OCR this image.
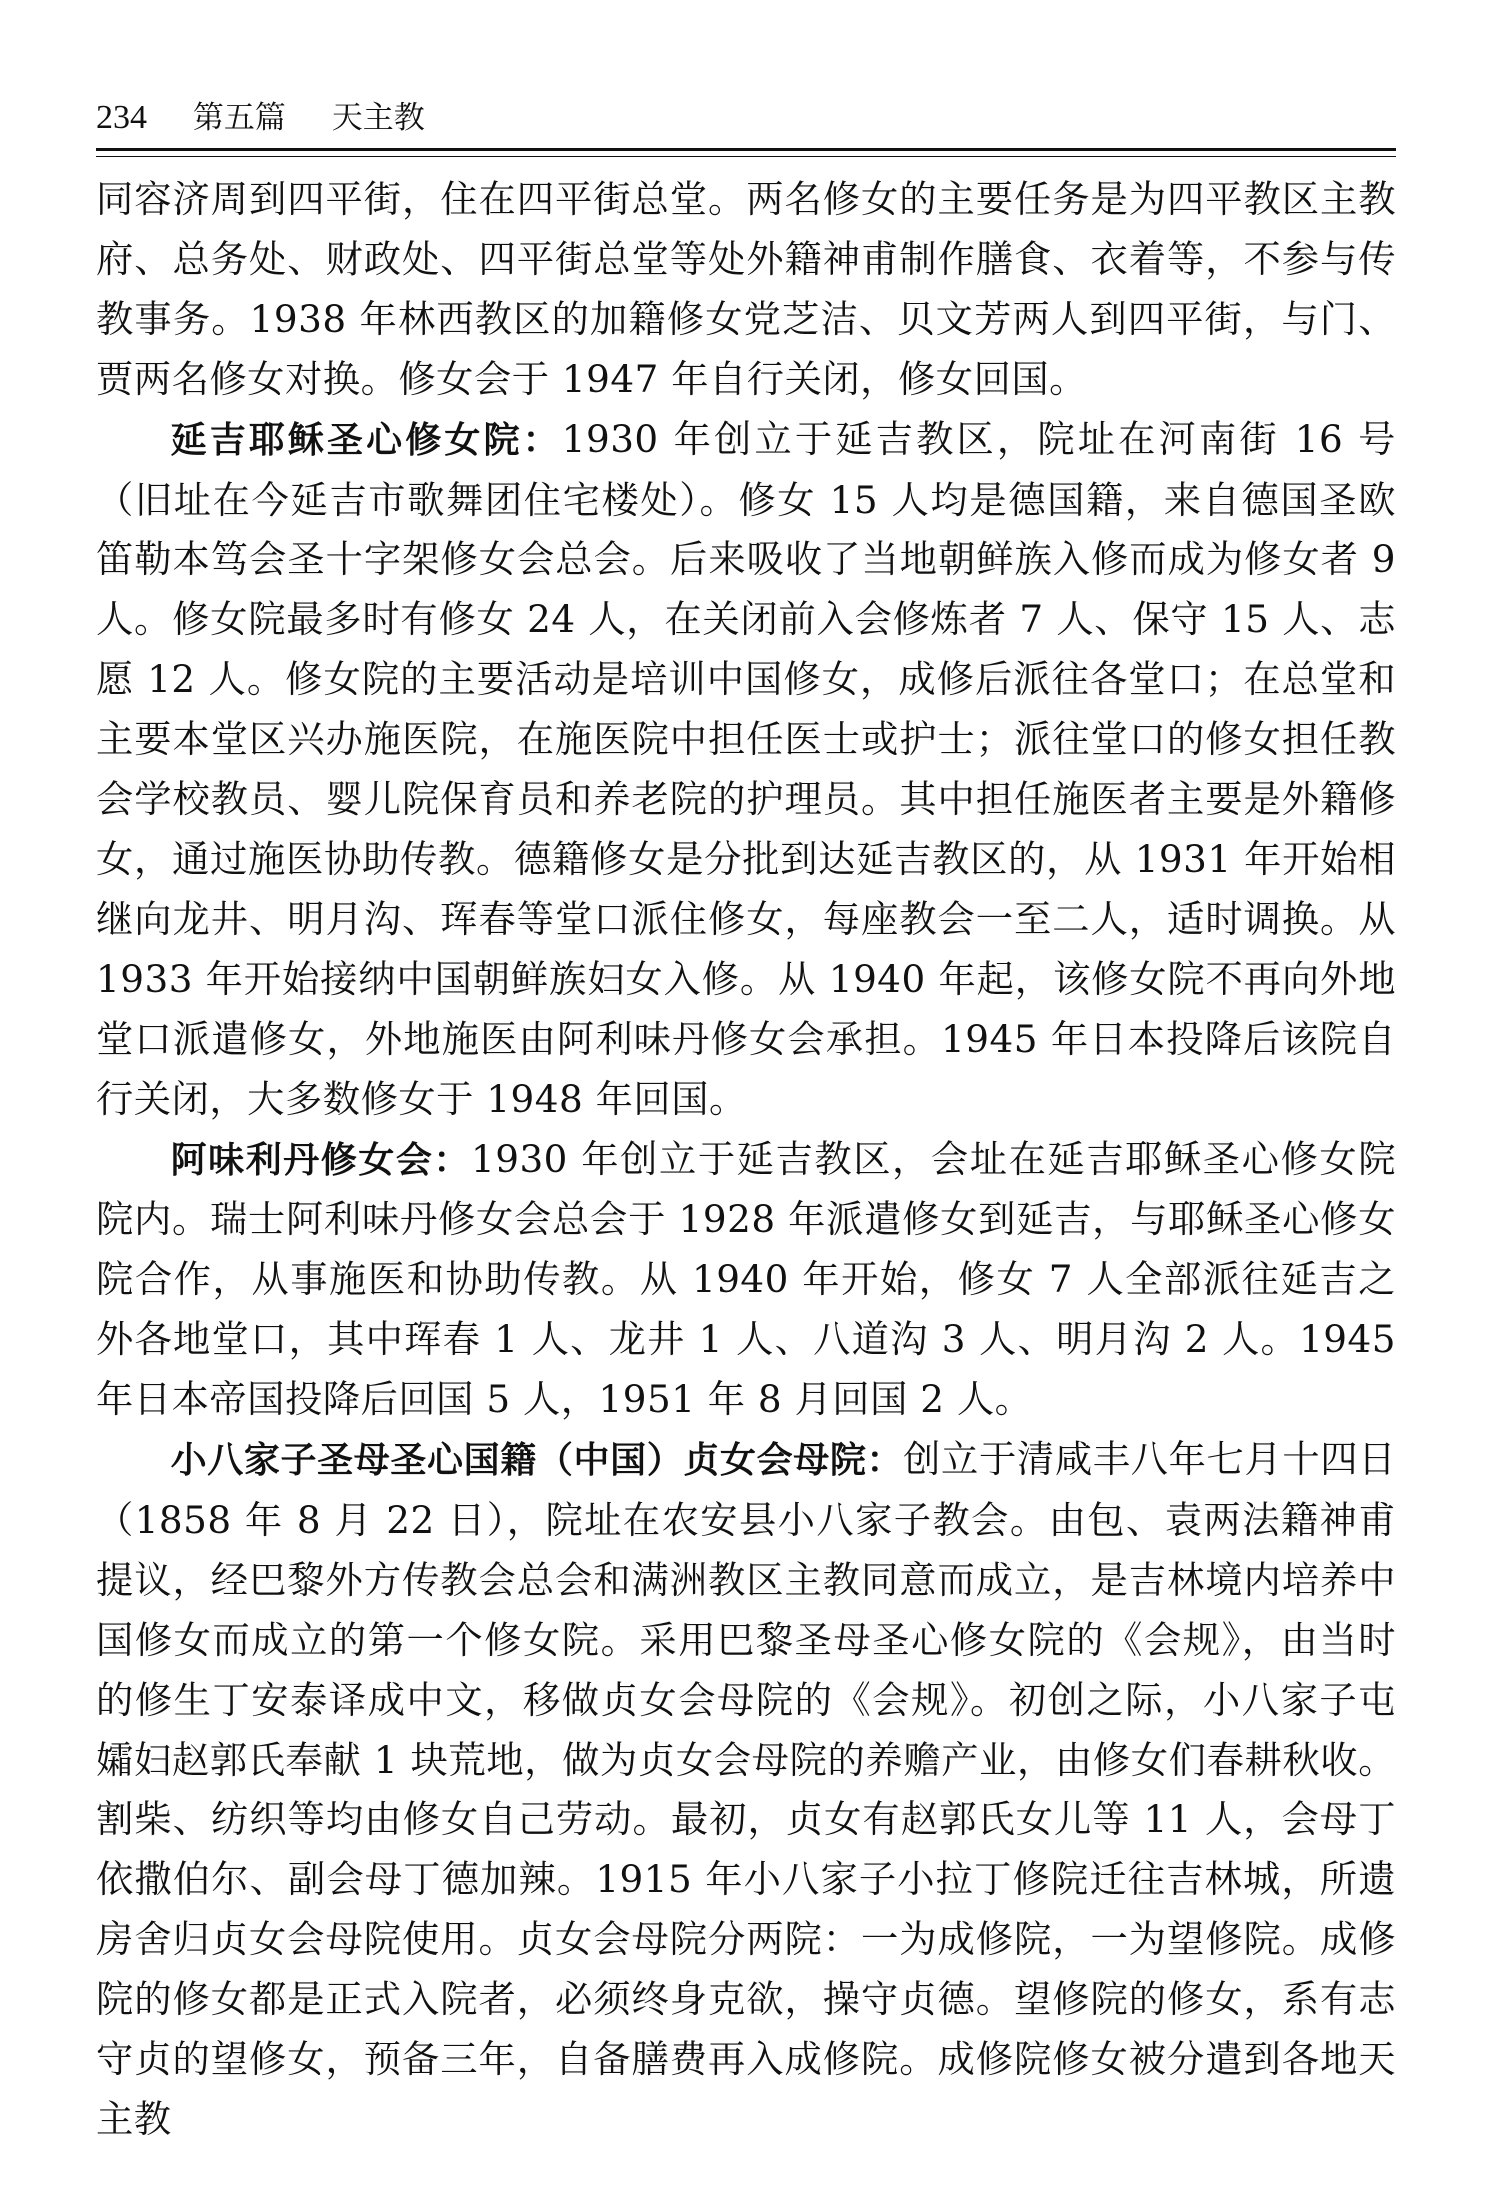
234 第五篇 天主教

同容济周到四平街，住在四平街总堂。两名修女的主要任务是为四平教区主教府、总务处、财政处、四平街总堂等处外籍神甫制作膳食、衣着等，不参与传教事务。1938 年林西教区的加籍修女党芝洁、贝文芳两人到四平街，与门、贾两名修女对换。修女会于 1947 年自行关闭，修女回国。

延吉耶稣圣心修女院：1930 年创立于延吉教区，院址在河南街 16 号（旧址在今延吉市歌舞团住宅楼处）。修女 15 人均是德国籍，来自德国圣欧笛勒本笃会圣十字架修女会总会。后来吸收了当地朝鲜族入修而成为修女者 9 人。修女院最多时有修女 24 人，在关闭前入会修炼者 7 人、保守 15 人、志愿 12 人。修女院的主要活动是培训中国修女，成修后派往各堂口；在总堂和主要本堂区兴办施医院，在施医院中担任医士或护士；派往堂口的修女担任教会学校教员、婴儿院保育员和养老院的护理员。其中担任施医者主要是外籍修女，通过施医协助传教。德籍修女是分批到达延吉教区的，从 1931 年开始相继向龙井、明月沟、珲春等堂口派住修女，每座教会一至二人，适时调换。从 1933 年开始接纳中国朝鲜族妇女入修。从 1940 年起，该修女院不再向外地堂口派遣修女，外地施医由阿利味丹修女会承担。1945 年日本投降后该院自行关闭，大多数修女于 1948 年回国。

阿味利丹修女会：1930 年创立于延吉教区，会址在延吉耶稣圣心修女院院内。瑞士阿利味丹修女会总会于 1928 年派遣修女到延吉，与耶稣圣心修女院合作，从事施医和协助传教。从 1940 年开始，修女 7 人全部派往延吉之外各地堂口，其中珲春 1 人、龙井 1 人、八道沟 3 人、明月沟 2 人。1945 年日本帝国投降后回国 5 人，1951 年 8 月回国 2 人。

小八家子圣母圣心国籍（中国）贞女会母院：创立于清咸丰八年七月十四日（1858 年 8 月 22 日），院址在农安县小八家子教会。由包、袁两法籍神甫提议，经巴黎外方传教会总会和满洲教区主教同意而成立，是吉林境内培养中国修女而成立的第一个修女院。采用巴黎圣母圣心修女院的《会规》，由当时的修生丁安泰译成中文，移做贞女会母院的《会规》。初创之际，小八家子屯孀妇赵郭氏奉献 1 块荒地，做为贞女会母院的养赡产业，由修女们春耕秋收。割柴、纺织等均由修女自己劳动。最初，贞女有赵郭氏女儿等 11 人，会母丁依撒伯尔、副会母丁德加辣。1915 年小八家子小拉丁修院迁往吉林城，所遗房舍归贞女会母院使用。贞女会母院分两院：一为成修院，一为望修院。成修院的修女都是正式入院者，必须终身克欲，操守贞德。望修院的修女，系有志守贞的望修女，预备三年，自备膳费再入成修院。成修院修女被分遣到各地天主教
